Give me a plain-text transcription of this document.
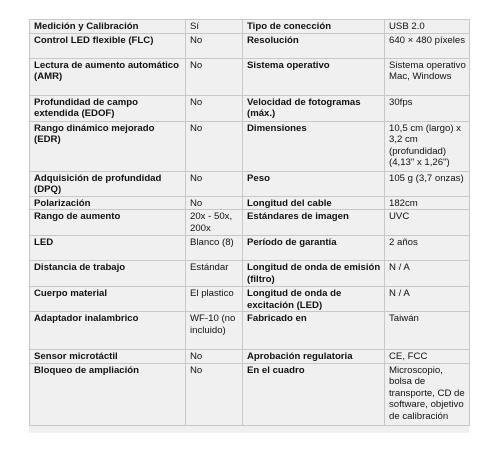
Medición y Calibración	Sí	Tipo de conección	USB 2.0
Control LED flexible (FLC)	No	Resolución	640 × 480 píxeles
Lectura de aumento automático (AMR)	No	Sistema operativo	Sistema operativo Mac, Windows
Profundidad de campo extendida (EDOF)	No	Velocidad de fotogramas (máx.)	30fps
Rango dinámico mejorado (EDR)	No	Dimensiones	10,5 cm (largo) x 3,2 cm (profundidad) (4,13" x 1,26")
Adquisición de profundidad (DPQ)	No	Peso	105 g (3,7 onzas)
Polarización	No	Longitud del cable	182cm
Rango de aumento	20x - 50x, 200x	Estándares de imagen	UVC
LED	Blanco (8)	Período de garantía	2 años
Distancia de trabajo	Estándar	Longitud de onda de emisión (filtro)	N / A
Cuerpo material	El plastico	Longitud de onda de excitación (LED)	N / A
Adaptador inalambrico	WF-10 (no incluido)	Fabricado en	Taiwán
Sensor microtáctil	No	Aprobación regulatoria	CE, FCC
Bloqueo de ampliación	No	En el cuadro	Microscopio, bolsa de transporte, CD de software, objetivo de calibración
